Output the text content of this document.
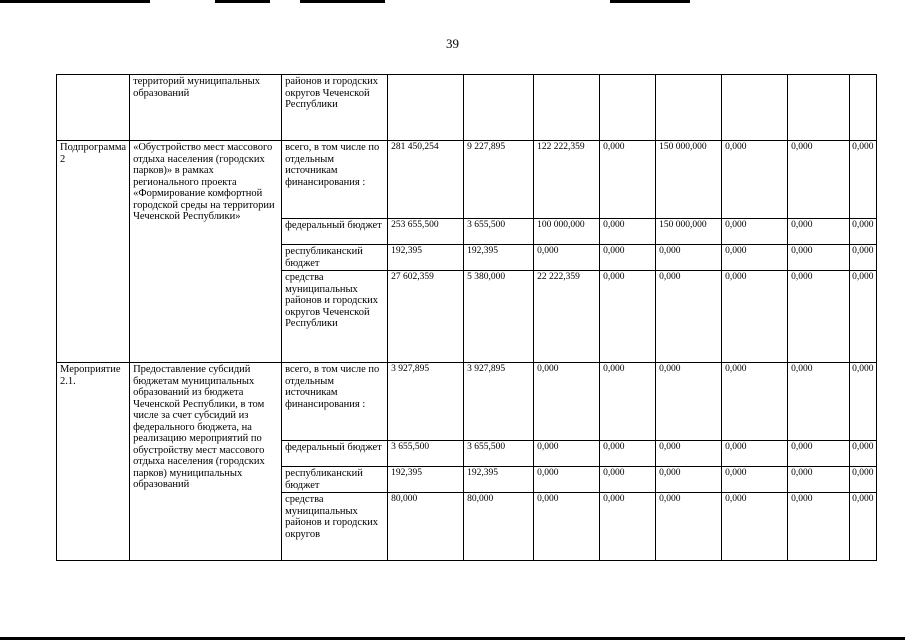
39
	территорий муниципальных образований	районов и городских округов Чеченской Республики								
Подпрограмма 2	«Обустройство мест массового отдыха населения (городских парков)» в рамках регионального проекта «Формирование комфортной городской среды на территории Чеченской Республики»	всего, в том числе по отдельным источникам финансирования :	281 450,254	9 227,895	122 222,359	0,000	150 000,000	0,000	0,000	0,000
		федеральный бюджет	253 655,500	3 655,500	100 000,000	0,000	150 000,000	0,000	0,000	0,000
		республиканский бюджет	192,395	192,395	0,000	0,000	0,000	0,000	0,000	0,000
		средства муниципальных районов и городских округов Чеченской Республики	27 602,359	5 380,000	22 222,359	0,000	0,000	0,000	0,000	0,000
Мероприятие 2.1.	Предоставление субсидий бюджетам муниципальных образований из бюджета Чеченской Республики, в том числе за счет субсидий из федерального бюджета, на реализацию мероприятий по обустройству мест массового отдыха населения (городских парков) муниципальных образований	всего, в том числе по отдельным источникам финансирования :	3 927,895	3 927,895	0,000	0,000	0,000	0,000	0,000	0,000
		федеральный бюджет	3 655,500	3 655,500	0,000	0,000	0,000	0,000	0,000	0,000
		республиканский бюджет	192,395	192,395	0,000	0,000	0,000	0,000	0,000	0,000
		средства муниципальных районов и городских округов	80,000	80,000	0,000	0,000	0,000	0,000	0,000	0,000
